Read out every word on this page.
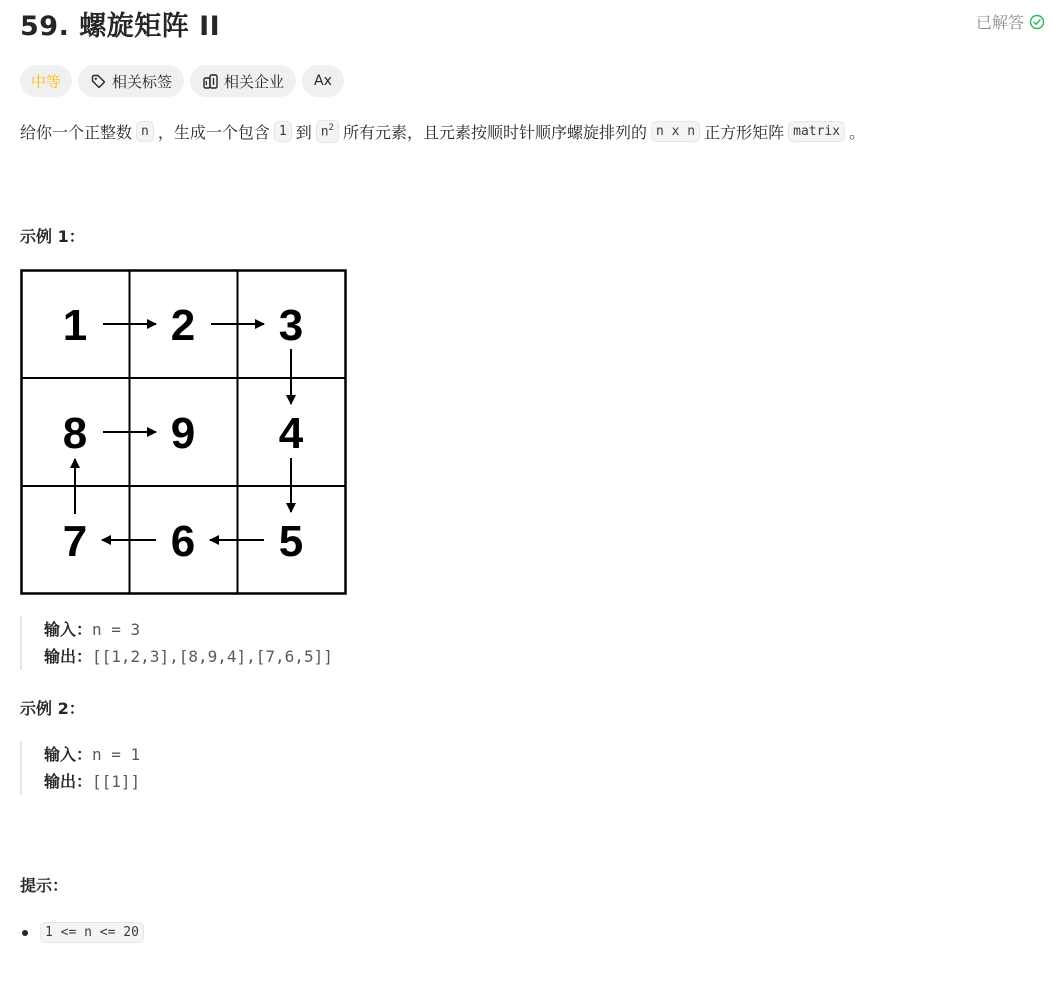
59. 螺旋矩阵 II	已解答
中等	相关标签	相关企业 Ax
给你一个正整数 n ，生成一个包含 1 到 $n^2$ 所有元素，且元素按顺时针顺序螺旋排列的 n x n 正方形矩阵 matrix 。
示例 1：
1 2 3
8 9 4
7 6 5
输入：n = 3
输出：[[1,2,3],[8,9,4],[7,6,5]]
示例 2：
输入：n = 1
输出：[[1]]
提示：
1 <= n <= 20
